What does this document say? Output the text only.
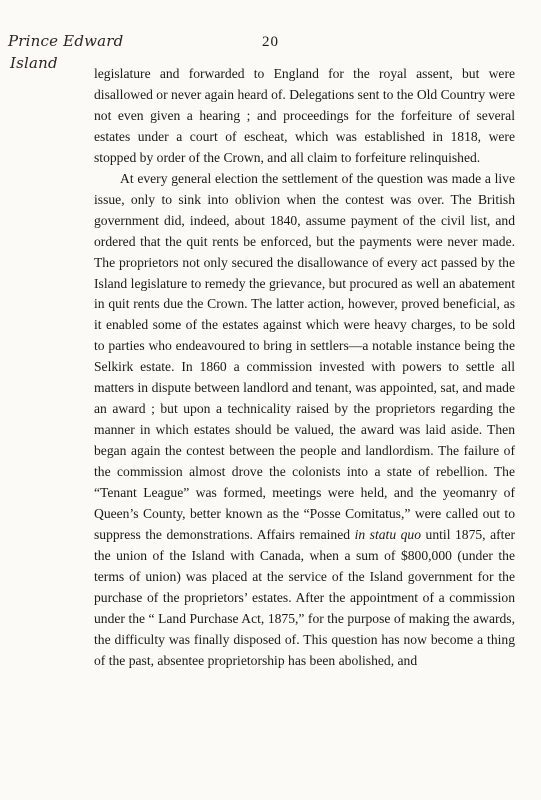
Prince Edward
Island
20

legislature and forwarded to England for the royal assent, but were disallowed or never again heard of. Delegations sent to the Old Country were not even given a hearing ; and proceedings for the forfeiture of several estates under a court of escheat, which was established in 1818, were stopped by order of the Crown, and all claim to forfeiture relinquished.

At every general election the settlement of the question was made a live issue, only to sink into oblivion when the contest was over. The British government did, indeed, about 1840, assume payment of the civil list, and ordered that the quit rents be enforced, but the payments were never made. The proprietors not only secured the disallowance of every act passed by the Island legislature to remedy the grievance, but procured as well an abatement in quit rents due the Crown. The latter action, however, proved beneficial, as it enabled some of the estates against which were heavy charges, to be sold to parties who endeavoured to bring in settlers—a notable instance being the Selkirk estate. In 1860 a commission invested with powers to settle all matters in dispute between landlord and tenant, was appointed, sat, and made an award ; but upon a technicality raised by the proprietors regarding the manner in which estates should be valued, the award was laid aside. Then began again the contest between the people and landlordism. The failure of the commission almost drove the colonists into a state of rebellion. The “Tenant League” was formed, meetings were held, and the yeomanry of Queen’s County, better known as the “Posse Comitatus,” were called out to suppress the demonstrations. Affairs remained in statu quo until 1875, after the union of the Island with Canada, when a sum of $800,000 (under the terms of union) was placed at the service of the Island government for the purchase of the proprietors’ estates. After the appointment of a commission under the “ Land Purchase Act, 1875,” for the purpose of making the awards, the difficulty was finally disposed of. This question has now become a thing of the past, absentee proprietorship has been abolished, and
